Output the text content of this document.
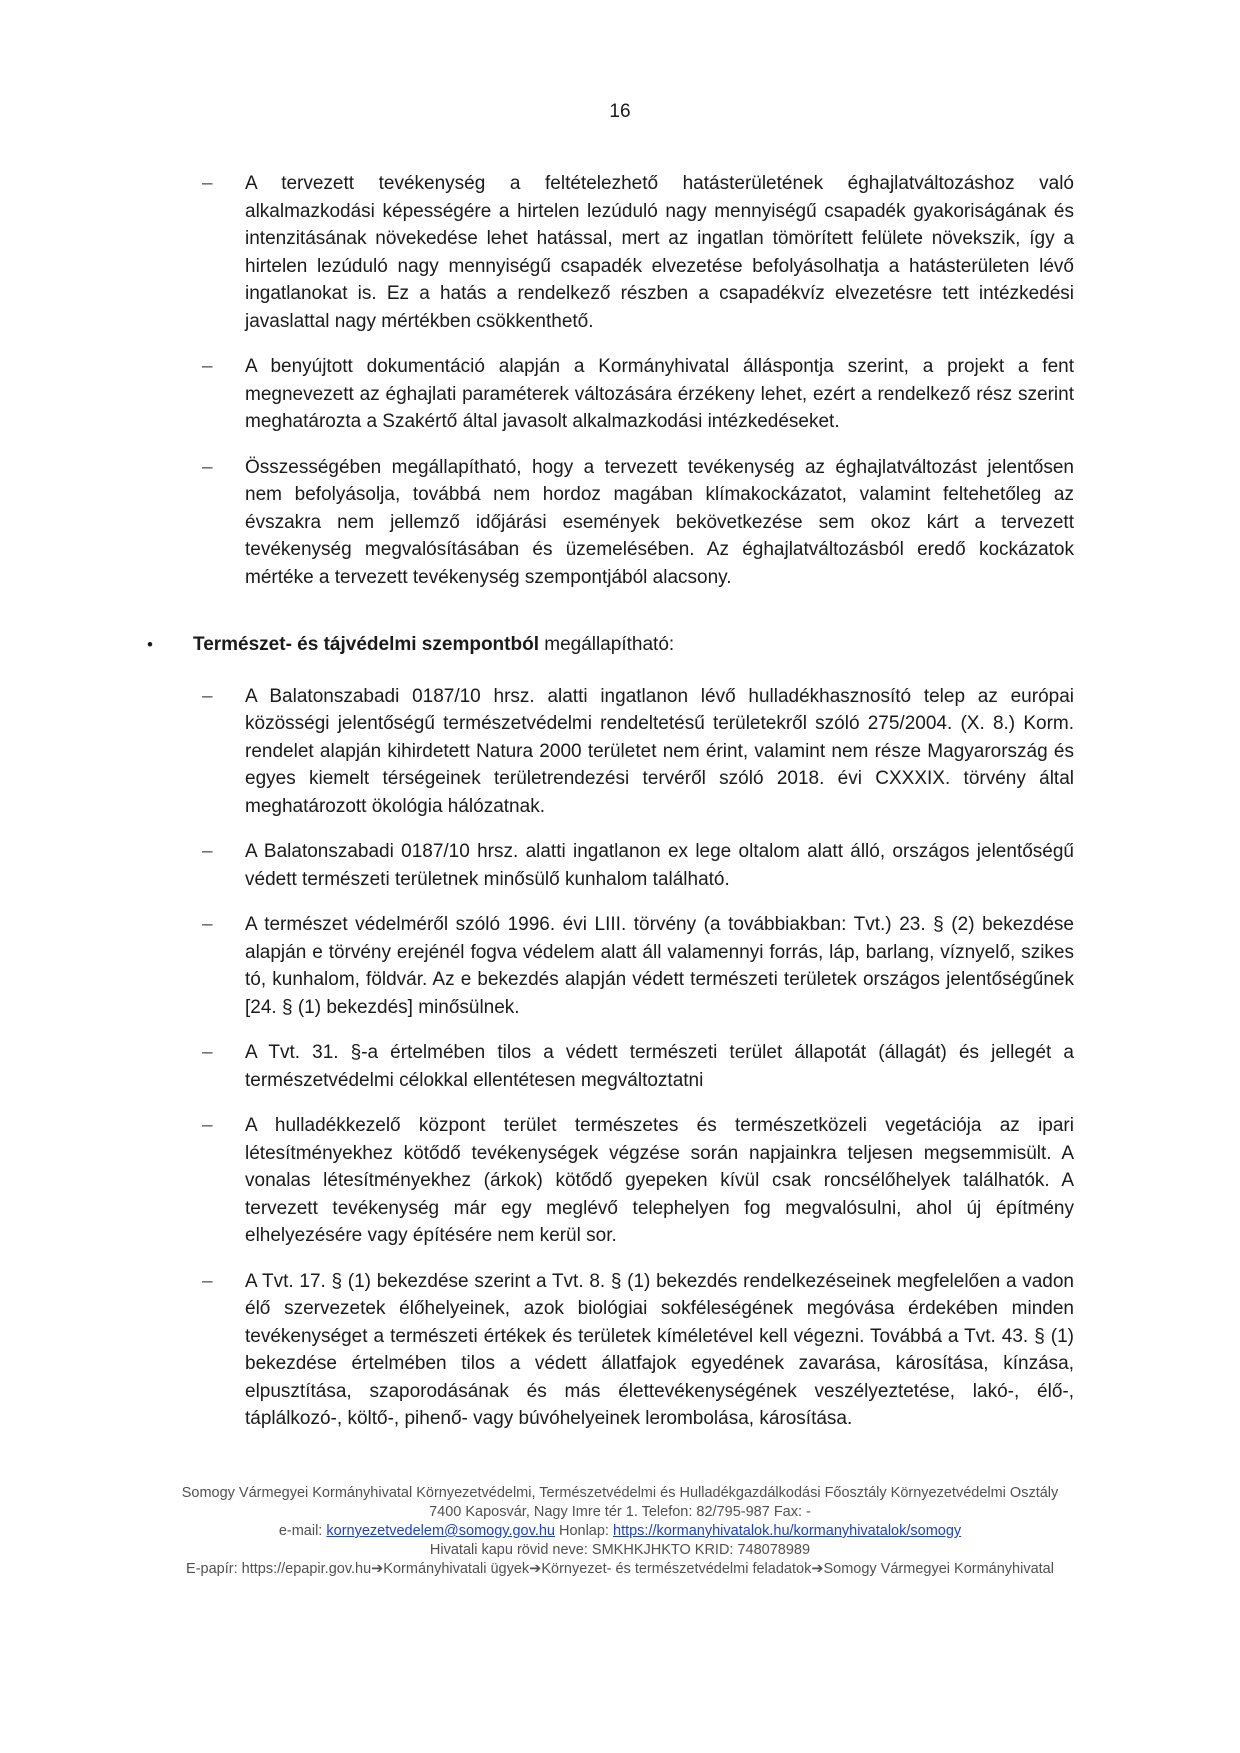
16
– A tervezett tevékenység a feltételezhető hatásterületének éghajlatváltozáshoz való alkalmazkodási képességére a hirtelen lezúduló nagy mennyiségű csapadék gyakoriságának és intenzitásának növekedése lehet hatással, mert az ingatlan tömörített felülete növekszik, így a hirtelen lezúduló nagy mennyiségű csapadék elvezetése befolyásolhatja a hatásterületen lévő ingatlanokat is. Ez a hatás a rendelkező részben a csapadékvíz elvezetésre tett intézkedési javaslattal nagy mértékben csökkenthető.
– A benyújtott dokumentáció alapján a Kormányhivatal álláspontja szerint, a projekt a fent megnevezett az éghajlati paraméterek változására érzékeny lehet, ezért a rendelkező rész szerint meghatározta a Szakértő által javasolt alkalmazkodási intézkedéseket.
– Összességében megállapítható, hogy a tervezett tevékenység az éghajlatváltozást jelentősen nem befolyásolja, továbbá nem hordoz magában klímakockázatot, valamint feltehetőleg az évszakra nem jellemző időjárási események bekövetkezése sem okoz kárt a tervezett tevékenység megvalósításában és üzemelésében. Az éghajlatváltozásból eredő kockázatok mértéke a tervezett tevékenység szempontjából alacsony.
• Természet- és tájvédelmi szempontból megállapítható:
– A Balatonszabadi 0187/10 hrsz. alatti ingatlanon lévő hulladékhasznosító telep az európai közösségi jelentőségű természetvédelmi rendeltetésű területekről szóló 275/2004. (X. 8.) Korm. rendelet alapján kihirdetett Natura 2000 területet nem érint, valamint nem része Magyarország és egyes kiemelt térségeinek területrendezési tervéről szóló 2018. évi CXXXIX. törvény által meghatározott ökológia hálózatnak.
– A Balatonszabadi 0187/10 hrsz. alatti ingatlanon ex lege oltalom alatt álló, országos jelentőségű védett természeti területnek minősülő kunhalom található.
– A természet védelméről szóló 1996. évi LIII. törvény (a továbbiakban: Tvt.) 23. § (2) bekezdése alapján e törvény erejénél fogva védelem alatt áll valamennyi forrás, láp, barlang, víznyelő, szikes tó, kunhalom, földvár. Az e bekezdés alapján védett természeti területek országos jelentőségűnek [24. § (1) bekezdés] minősülnek.
– A Tvt. 31. §-a értelmében tilos a védett természeti terület állapotát (állagát) és jellegét a természetvédelmi célokkal ellentétesen megváltoztatni
– A hulladékkezelő központ terület természetes és természetközeli vegetációja az ipari létesítményekhez kötődő tevékenységek végzése során napjainkra teljesen megsemmisült. A vonalas létesítményekhez (árkok) kötődő gyepeken kívül csak roncsélőhelyek találhatók. A tervezett tevékenység már egy meglévő telephelyen fog megvalósulni, ahol új építmény elhelyezésére vagy építésére nem kerül sor.
– A Tvt. 17. § (1) bekezdése szerint a Tvt. 8. § (1) bekezdés rendelkezéseinek megfelelően a vadon élő szervezetek élőhelyeinek, azok biológiai sokféleségének megóvása érdekében minden tevékenységet a természeti értékek és területek kíméletével kell végezni. Továbbá a Tvt. 43. § (1) bekezdése értelmében tilos a védett állatfajok egyedének zavarása, károsítása, kínzása, elpusztítása, szaporodásának és más élettevékenységének veszélyeztetése, lakó-, élő-, táplálkozó-, költő-, pihenő- vagy búvóhelyeinek lerombolása, károsítása.
Somogy Vármegyei Kormányhivatal Környezetvédelmi, Természetvédelmi és Hulladékgazdálkodási Főosztály Környezetvédelmi Osztály
7400 Kaposvár, Nagy Imre tér 1. Telefon: 82/795-987 Fax: -
e-mail: kornyezetvedelem@somogy.gov.hu Honlap: https://kormanyhivatalok.hu/kormanyhivatalok/somogy
Hivatali kapu rövid neve: SMKHKJHKTO KRID: 748078989
E-papír: https://epapir.gov.hu➔Kormányhivatali ügyek➔Környezet- és természetvédelmi feladatok➔Somogy Vármegyei Kormányhivatal
